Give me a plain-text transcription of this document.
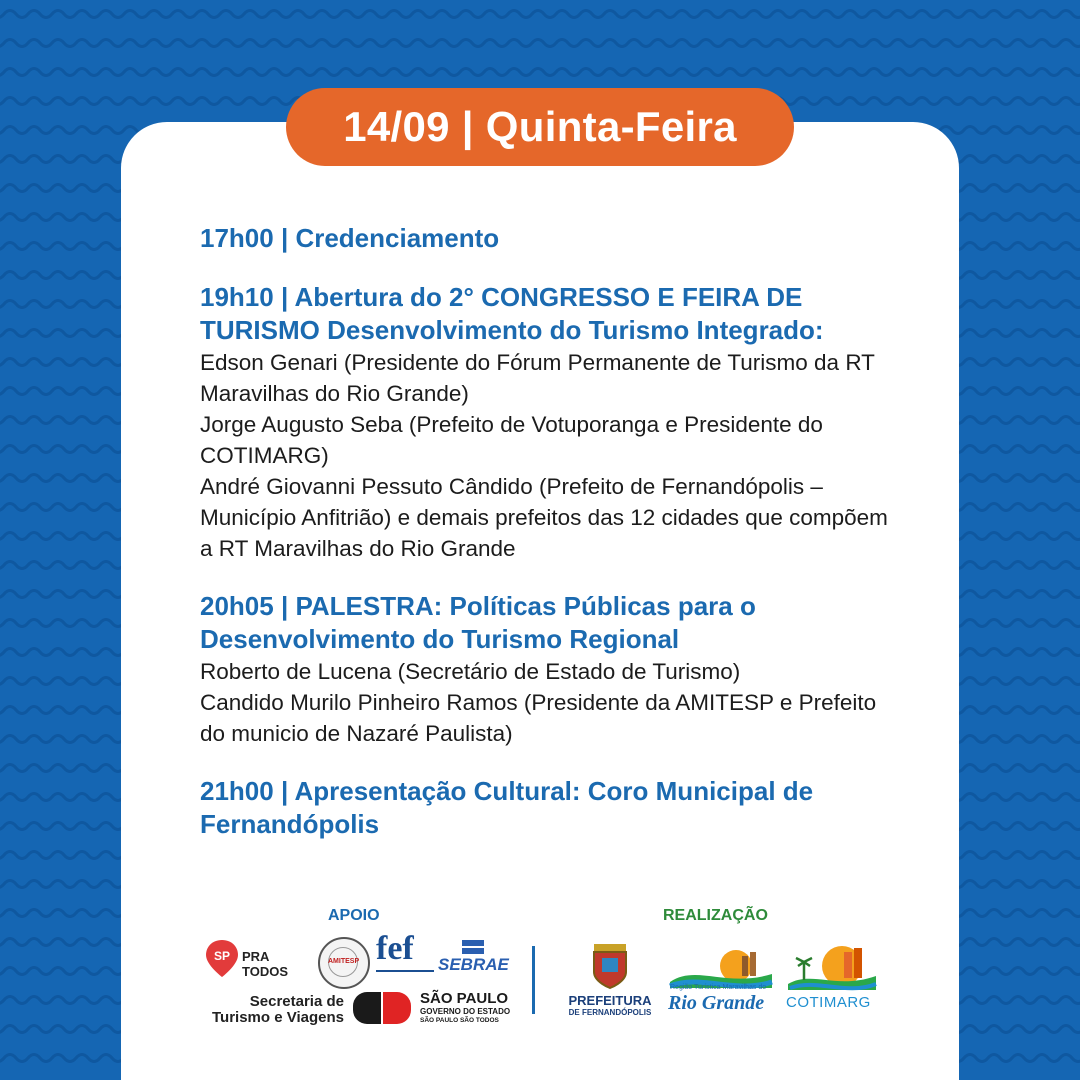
14/09 | Quinta-Feira

17h00 | Credenciamento

19h10 | Abertura do 2° CONGRESSO E FEIRA DE TURISMO Desenvolvimento do Turismo Integrado:

Edson Genari (Presidente do Fórum Permanente de Turismo da RT Maravilhas do Rio Grande)

Jorge Augusto Seba (Prefeito de Votuporanga e Presidente do COTIMARG)

André Giovanni Pessuto Cândido (Prefeito de Fernandópolis – Município Anfitrião) e demais prefeitos das 12 cidades que compõem a RT Maravilhas do Rio Grande

20h05 | PALESTRA: Políticas Públicas para o Desenvolvimento do Turismo Regional

Roberto de Lucena (Secretário de Estado de Turismo)

Candido Murilo Pinheiro Ramos (Presidente da AMITESP e Prefeito do municio de Nazaré Paulista)

21h00 | Apresentação Cultural: Coro Municipal de Fernandópolis

APOIO	REALIZAÇÃO
SP PRA TODOS
AMITESP fef SEBRAE
Secretaria de
Turismo e Viagens
SÃO PAULO
GOVERNO DO ESTADO
SÃO PAULO SÃO TODOS
PREFEITURA
DE FERNANDÓPOLIS
Região Turística Maravilhas do
Rio Grande COTIMARG
